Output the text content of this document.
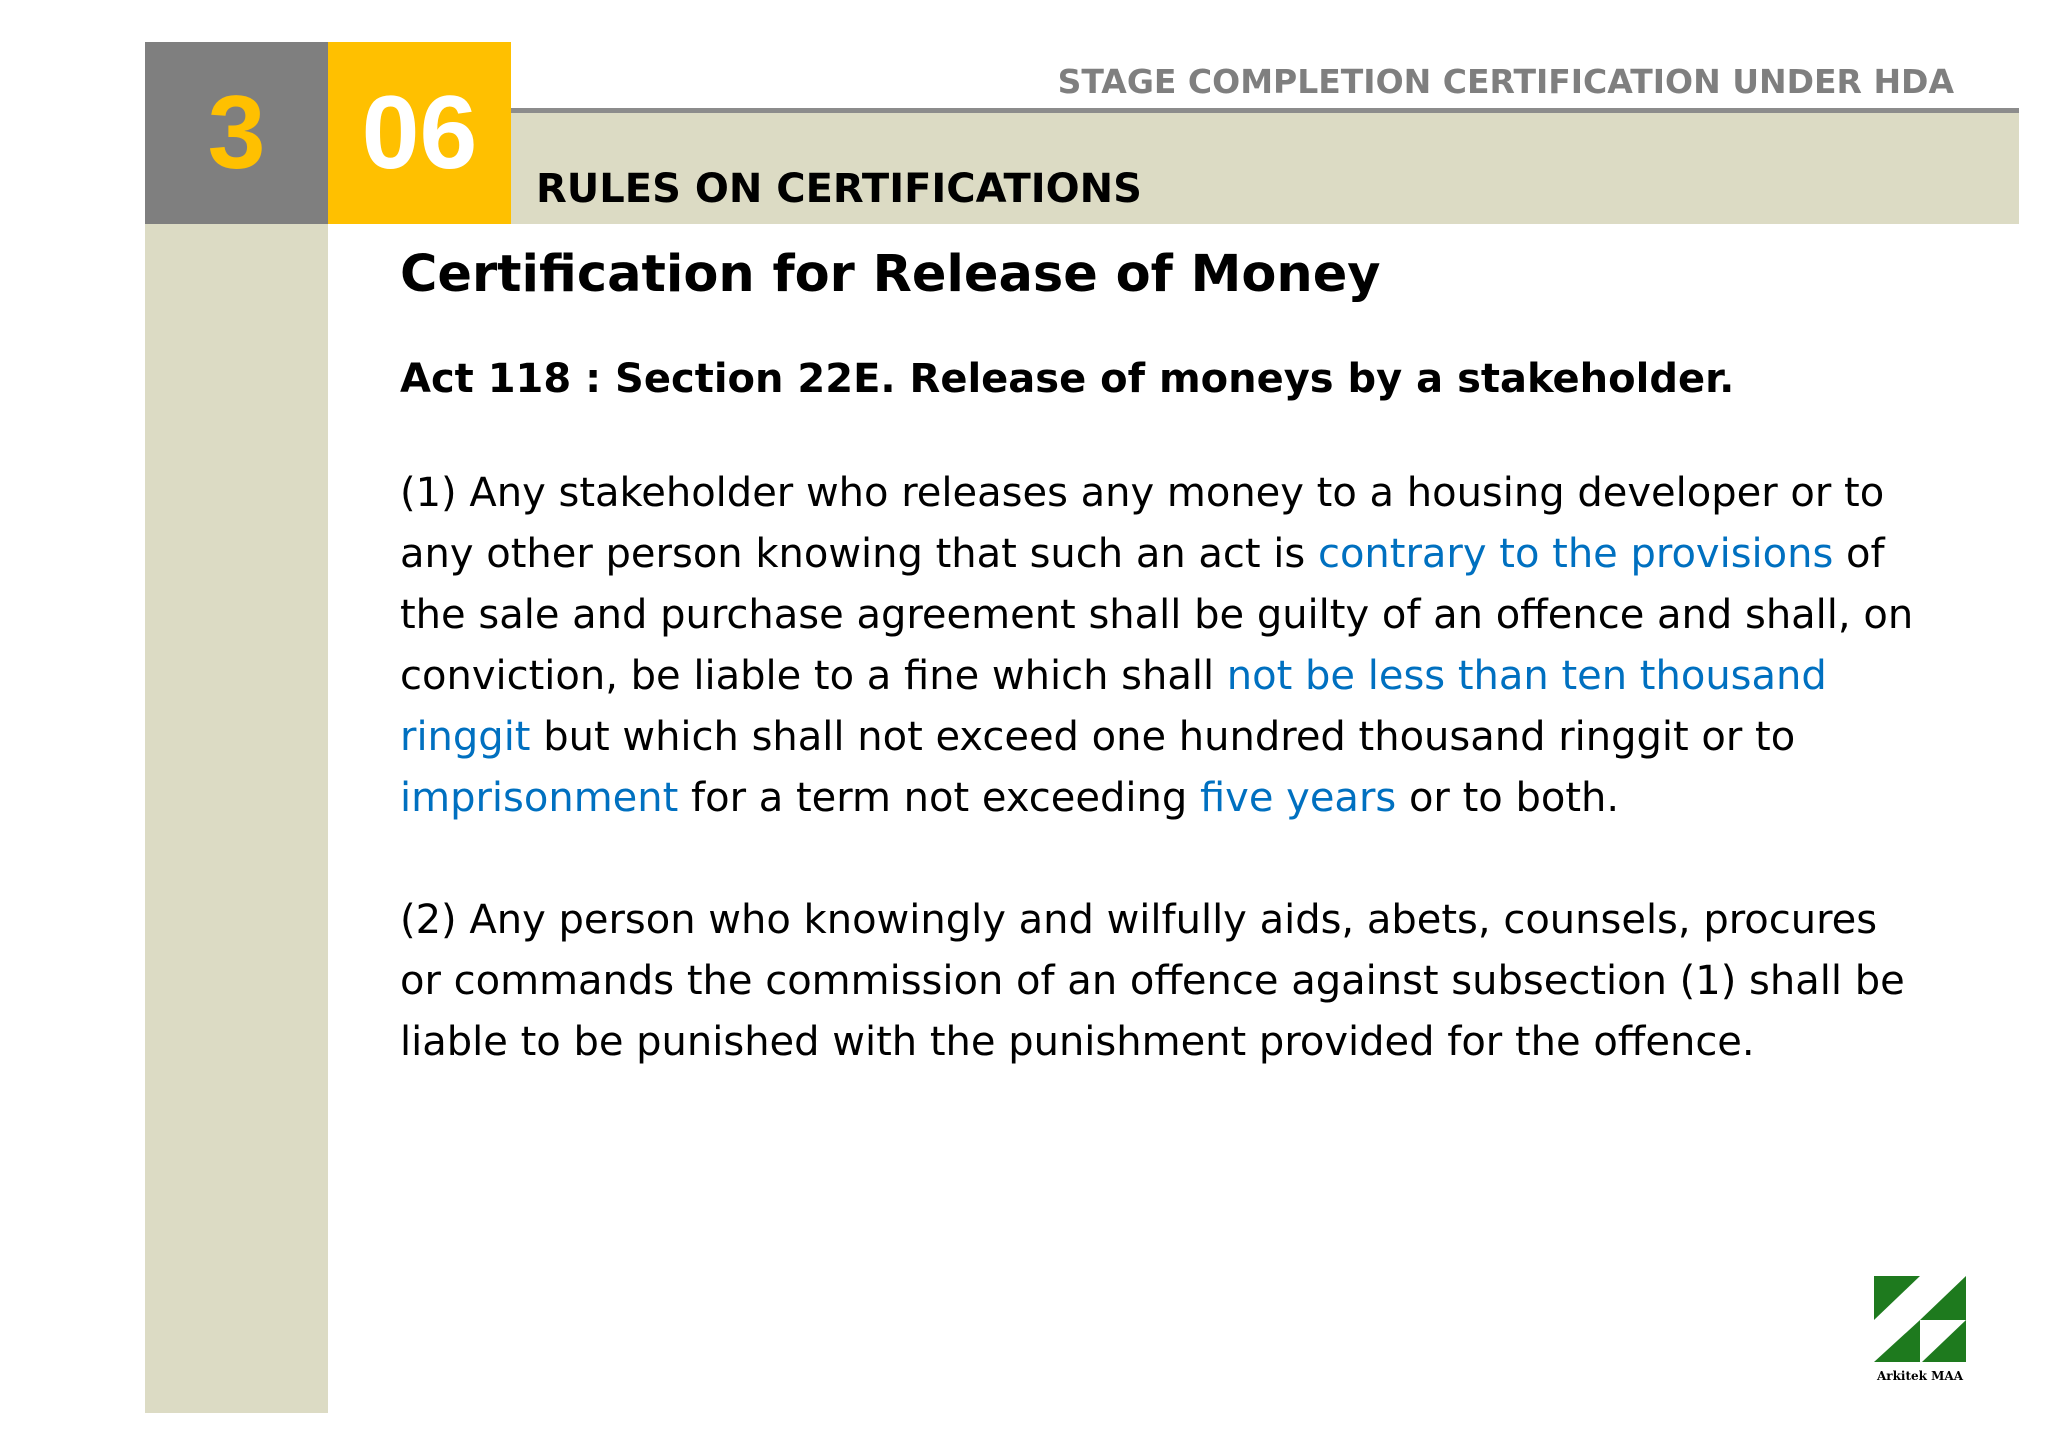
3 06	STAGE COMPLETION CERTIFICATION UNDER HDA
RULES ON CERTIFICATIONS
Certification for Release of Money

Act 118 : Section 22E. Release of moneys by a stakeholder.

(1) Any stakeholder who releases any money to a housing developer or to
any other person knowing that such an act is contrary to the provisions of
the sale and purchase agreement shall be guilty of an offence and shall, on
conviction, be liable to a fine which shall not be less than ten thousand
ringgit but which shall not exceed one hundred thousand ringgit or to
imprisonment for a term not exceeding five years or to both.

(2) Any person who knowingly and wilfully aids, abets, counsels, procures
or commands the commission of an offence against subsection (1) shall be
liable to be punished with the punishment provided for the offence.

Arkitek MAA
